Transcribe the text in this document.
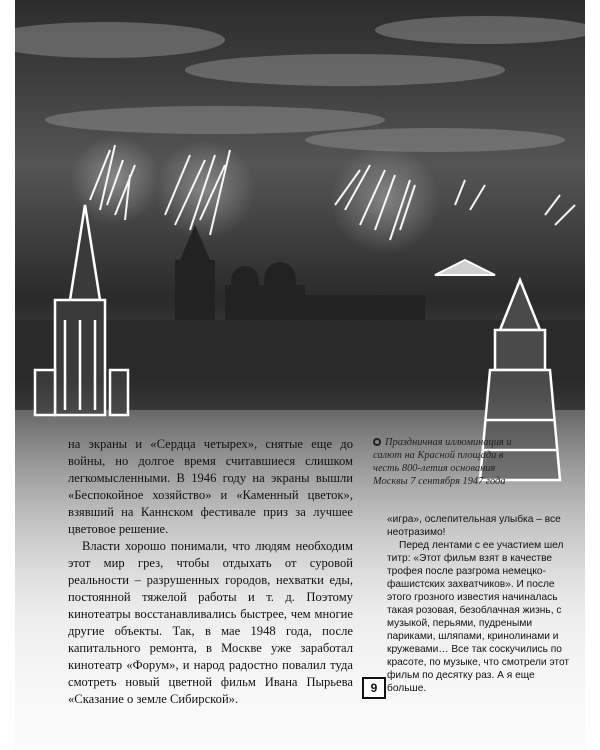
на экраны и «Сердца четырех», снятые еще до войны, но долгое время считавшиеся слишком легкомысленными. В 1946 году на экраны вышли «Беспокойное хозяйство» и «Каменный цветок», взявший на Каннском фестивале приз за лучшее цветовое решение.

Власти хорошо понимали, что людям необходим этот мир грез, чтобы отдыхать от суровой реальности – разрушенных городов, нехватки еды, постоянной тяжелой работы и т. д. Поэтому кинотеатры восстанавливались быстрее, чем многие другие объекты. Так, в мае 1948 года, после капитального ремонта, в Москве уже заработал кинотеатр «Форум», и народ радостно повалил туда смотреть новый цветной фильм Ивана Пырьева «Сказание о земле Сибирской».

Праздничная иллюминация и салют на Красной площади в честь 800-летия основания Москвы 7 сентября 1947 года

«игра», ослепительная улыбка – все неотразимо!

Перед лентами с ее участием шел титр: «Этот фильм взят в качестве трофея после разгрома немецко-фашистских захватчиков». И после этого грозного известия начиналась такая розовая, безоблачная жизнь, с музыкой, перьями, пудреными париками, шляпами, кринолинами и кружевами… Все так соскучились по красоте, по музыке, что смотрели этот фильм по десятку раз. А я еще больше.

9
